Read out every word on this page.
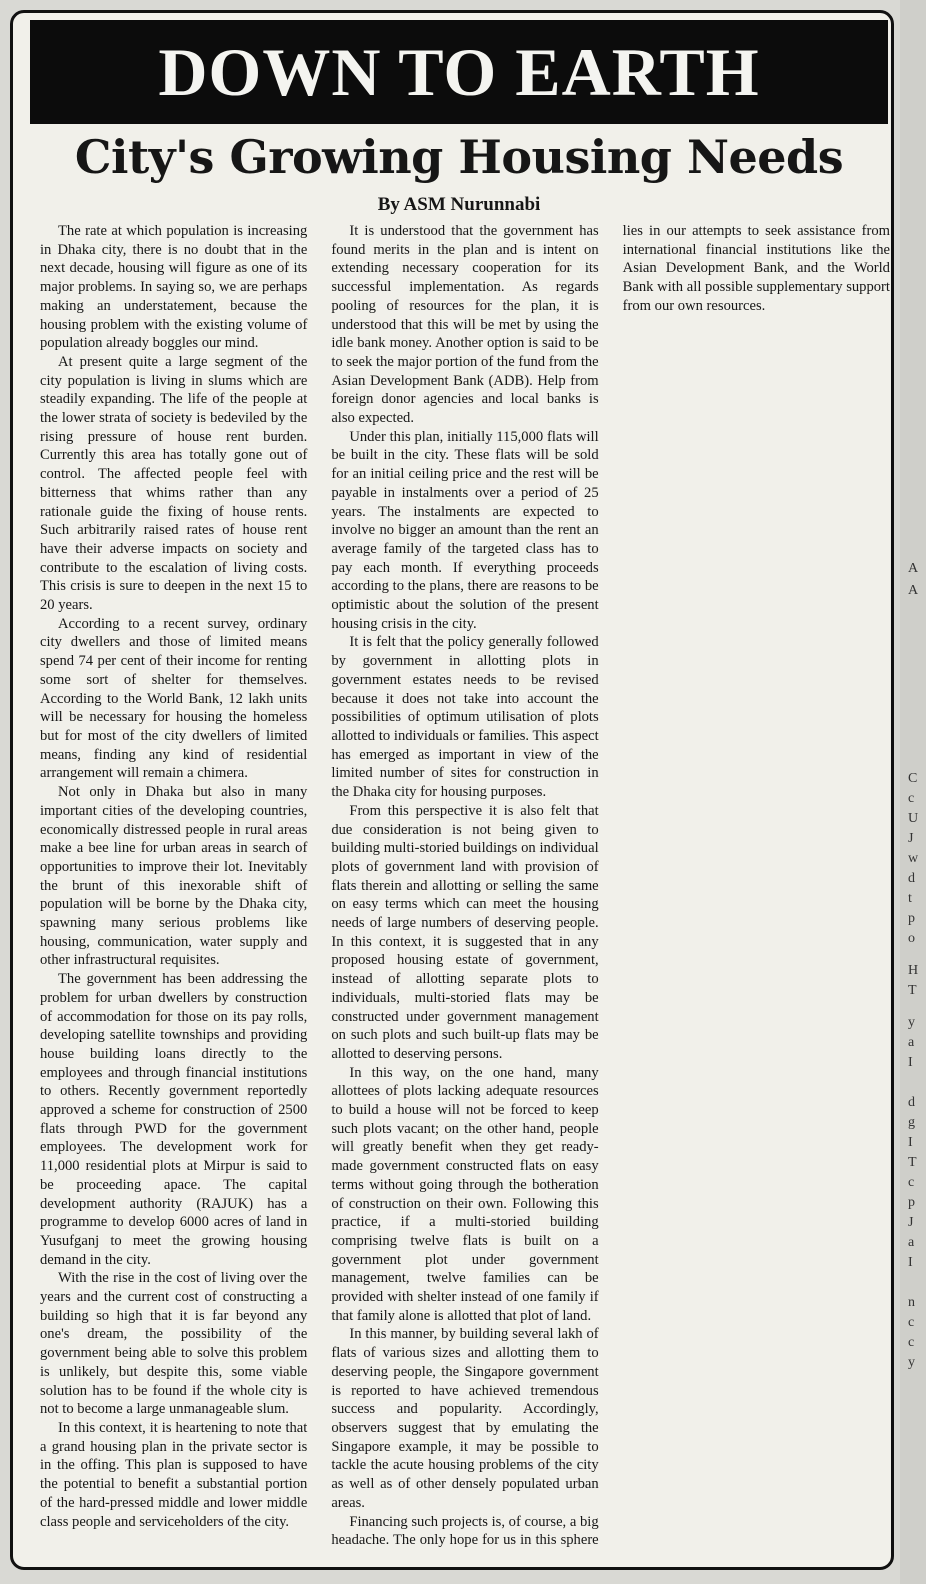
A
A
C
c
U
J
w
d
t
p
o
H
T
y
a
I
d
g
I
T
c
p
J
a
I
n
c
c
y
DOWN TO EARTH
City's Growing Housing Needs
By ASM Nurunnabi

The rate at which population is increasing in Dhaka city, there is no doubt that in the next decade, housing will figure as one of its major problems. In saying so, we are perhaps making an understatement, because the housing problem with the existing volume of population already boggles our mind.

At present quite a large segment of the city population is living in slums which are steadily expanding. The life of the people at the lower strata of society is bedeviled by the rising pressure of house rent burden. Currently this area has totally gone out of control. The affected people feel with bitterness that whims rather than any rationale guide the fixing of house rents. Such arbitrarily raised rates of house rent have their adverse impacts on society and contribute to the escalation of living costs. This crisis is sure to deepen in the next 15 to 20 years.

According to a recent survey, ordinary city dwellers and those of limited means spend 74 per cent of their income for renting some sort of shelter for themselves. According to the World Bank, 12 lakh units will be necessary for housing the homeless but for most of the city dwellers of limited means, finding any kind of residential arrangement will remain a chimera.

Not only in Dhaka but also in many important cities of the developing countries, economically distressed people in rural areas make a bee line for urban areas in search of opportunities to improve their lot. Inevitably the brunt of this inexorable shift of population will be borne by the Dhaka city, spawning many serious problems like housing, communication, water supply and other infrastructural requisites.

The government has been addressing the problem for urban dwellers by construction of accommodation for those on its pay rolls, developing satellite townships and providing house building loans directly to the employees and through financial institutions to others. Recently government reportedly approved a scheme for construction of 2500 flats through PWD for the government employees. The development work for 11,000 residential plots at Mirpur is said to be proceeding apace. The capital development authority (RAJUK) has a programme to develop 6000 acres of land in Yusufganj to meet the growing housing demand in the city.

With the rise in the cost of living over the years and the current cost of constructing a building so high that it is far beyond any one's dream, the possibility of the government being able to solve this problem is unlikely, but despite this, some viable solution has to be found if the whole city is not to become a large unmanageable slum.

In this context, it is heartening to note that a grand housing plan in the private sector is in the offing. This plan is supposed to have the potential to benefit a substantial portion of the hard-pressed middle and lower middle class people and serviceholders of the city.

It is understood that the government has found merits in the plan and is intent on extending necessary cooperation for its successful implementation. As regards pooling of resources for the plan, it is understood that this will be met by using the idle bank money. Another option is said to be to seek the major portion of the fund from the Asian Development Bank (ADB). Help from foreign donor agencies and local banks is also expected.

Under this plan, initially 115,000 flats will be built in the city. These flats will be sold for an initial ceiling price and the rest will be payable in instalments over a period of 25 years. The instalments are expected to involve no bigger an amount than the rent an average family of the targeted class has to pay each month. If everything proceeds according to the plans, there are reasons to be optimistic about the solution of the present housing crisis in the city.

It is felt that the policy generally followed by government in allotting plots in government estates needs to be revised because it does not take into account the possibilities of optimum utilisation of plots allotted to individuals or families. This aspect has emerged as important in view of the limited number of sites for construction in the Dhaka city for housing purposes.

From this perspective it is also felt that due consideration is not being given to building multi-storied buildings on individual plots of government land with provision of flats therein and allotting or selling the same on easy terms which can meet the housing needs of large numbers of deserving people. In this context, it is suggested that in any proposed housing estate of government, instead of allotting separate plots to individuals, multi-storied flats may be constructed under government management on such plots and such built-up flats may be allotted to deserving persons.

In this way, on the one hand, many allottees of plots lacking adequate resources to build a house will not be forced to keep such plots vacant; on the other hand, people will greatly benefit when they get ready-made government constructed flats on easy terms without going through the botheration of construction on their own. Following this practice, if a multi-storied building comprising twelve flats is built on a government plot under government management, twelve families can be provided with shelter instead of one family if that family alone is allotted that plot of land.

In this manner, by building several lakh of flats of various sizes and allotting them to deserving people, the Singapore government is reported to have achieved tremendous success and popularity. Accordingly, observers suggest that by emulating the Singapore example, it may be possible to tackle the acute housing problems of the city as well as of other densely populated urban areas.

Financing such projects is, of course, a big headache. The only hope for us in this sphere lies in our attempts to seek assistance from international financial institutions like the Asian Development Bank, and the World Bank with all possible supplementary support from our own resources.
